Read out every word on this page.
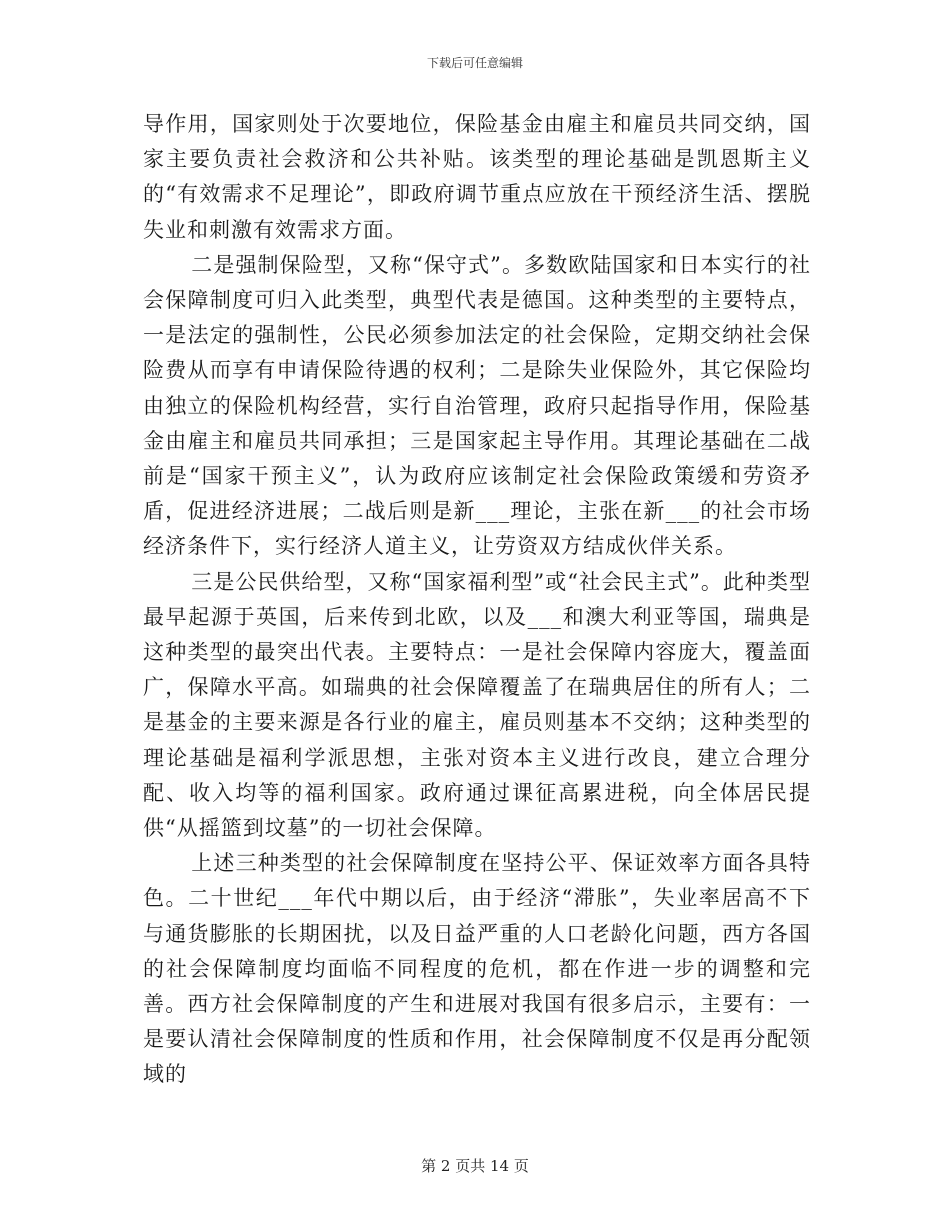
下载后可任意编辑

导作用，国家则处于次要地位，保险基金由雇主和雇员共同交纳，国家主要负责社会救济和公共补贴。该类型的理论基础是凯恩斯主义的“有效需求不足理论”，即政府调节重点应放在干预经济生活、摆脱失业和刺激有效需求方面。

二是强制保险型，又称“保守式”。多数欧陆国家和日本实行的社会保障制度可归入此类型，典型代表是德国。这种类型的主要特点，一是法定的强制性，公民必须参加法定的社会保险，定期交纳社会保险费从而享有申请保险待遇的权利；二是除失业保险外，其它保险均由独立的保险机构经营，实行自治管理，政府只起指导作用，保险基金由雇主和雇员共同承担；三是国家起主导作用。其理论基础在二战前是“国家干预主义”，认为政府应该制定社会保险政策缓和劳资矛盾，促进经济进展；二战后则是新___理论，主张在新___的社会市场经济条件下，实行经济人道主义，让劳资双方结成伙伴关系。

三是公民供给型，又称“国家福利型”或“社会民主式”。此种类型最早起源于英国，后来传到北欧，以及___和澳大利亚等国，瑞典是这种类型的最突出代表。主要特点：一是社会保障内容庞大，覆盖面广，保障水平高。如瑞典的社会保障覆盖了在瑞典居住的所有人；二是基金的主要来源是各行业的雇主，雇员则基本不交纳；这种类型的理论基础是福利学派思想，主张对资本主义进行改良，建立合理分配、收入均等的福利国家。政府通过课征高累进税，向全体居民提供“从摇篮到坟墓”的一切社会保障。

上述三种类型的社会保障制度在坚持公平、保证效率方面各具特色。二十世纪___年代中期以后，由于经济“滞胀”，失业率居高不下与通货膨胀的长期困扰，以及日益严重的人口老龄化问题，西方各国的社会保障制度均面临不同程度的危机，都在作进一步的调整和完善。西方社会保障制度的产生和进展对我国有很多启示，主要有：一是要认清社会保障制度的性质和作用，社会保障制度不仅是再分配领域的

第 2 页共 14 页
